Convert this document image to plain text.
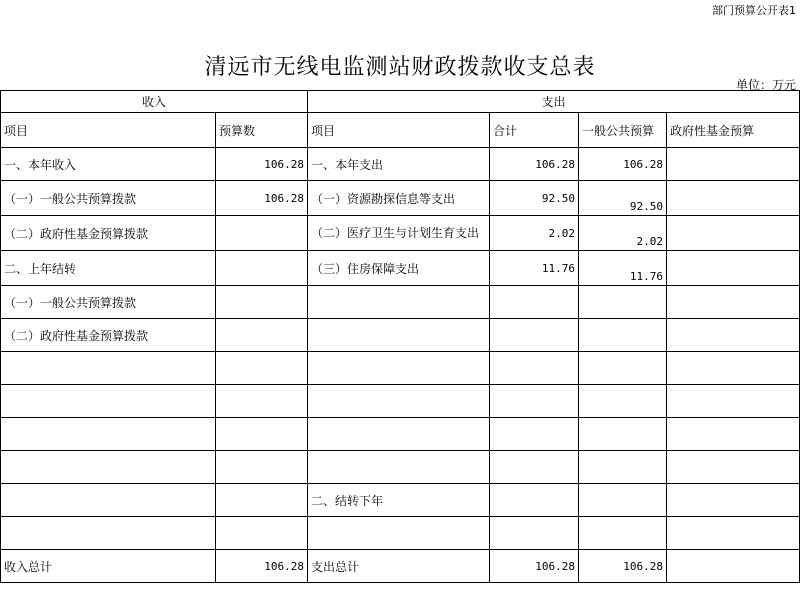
部门预算公开表1
清远市无线电监测站财政拨款收支总表
单位：万元
收入		支出			
项目	预算数	项目	合计	一般公共预算	政府性基金预算
一、本年收入	106.28	一、本年支出	106.28	106.28	
（一）一般公共预算拨款	106.28	（一）资源勘探信息等支出	92.50	92.50	
（二）政府性基金预算拨款		（二）医疗卫生与计划生育支出	2.02	2.02	
二、上年结转		（三）住房保障支出	11.76	11.76	
（一）一般公共预算拨款					
（二）政府性基金预算拨款					

		二、结转下年			

收入总计	106.28	支出总计	106.28	106.28	
